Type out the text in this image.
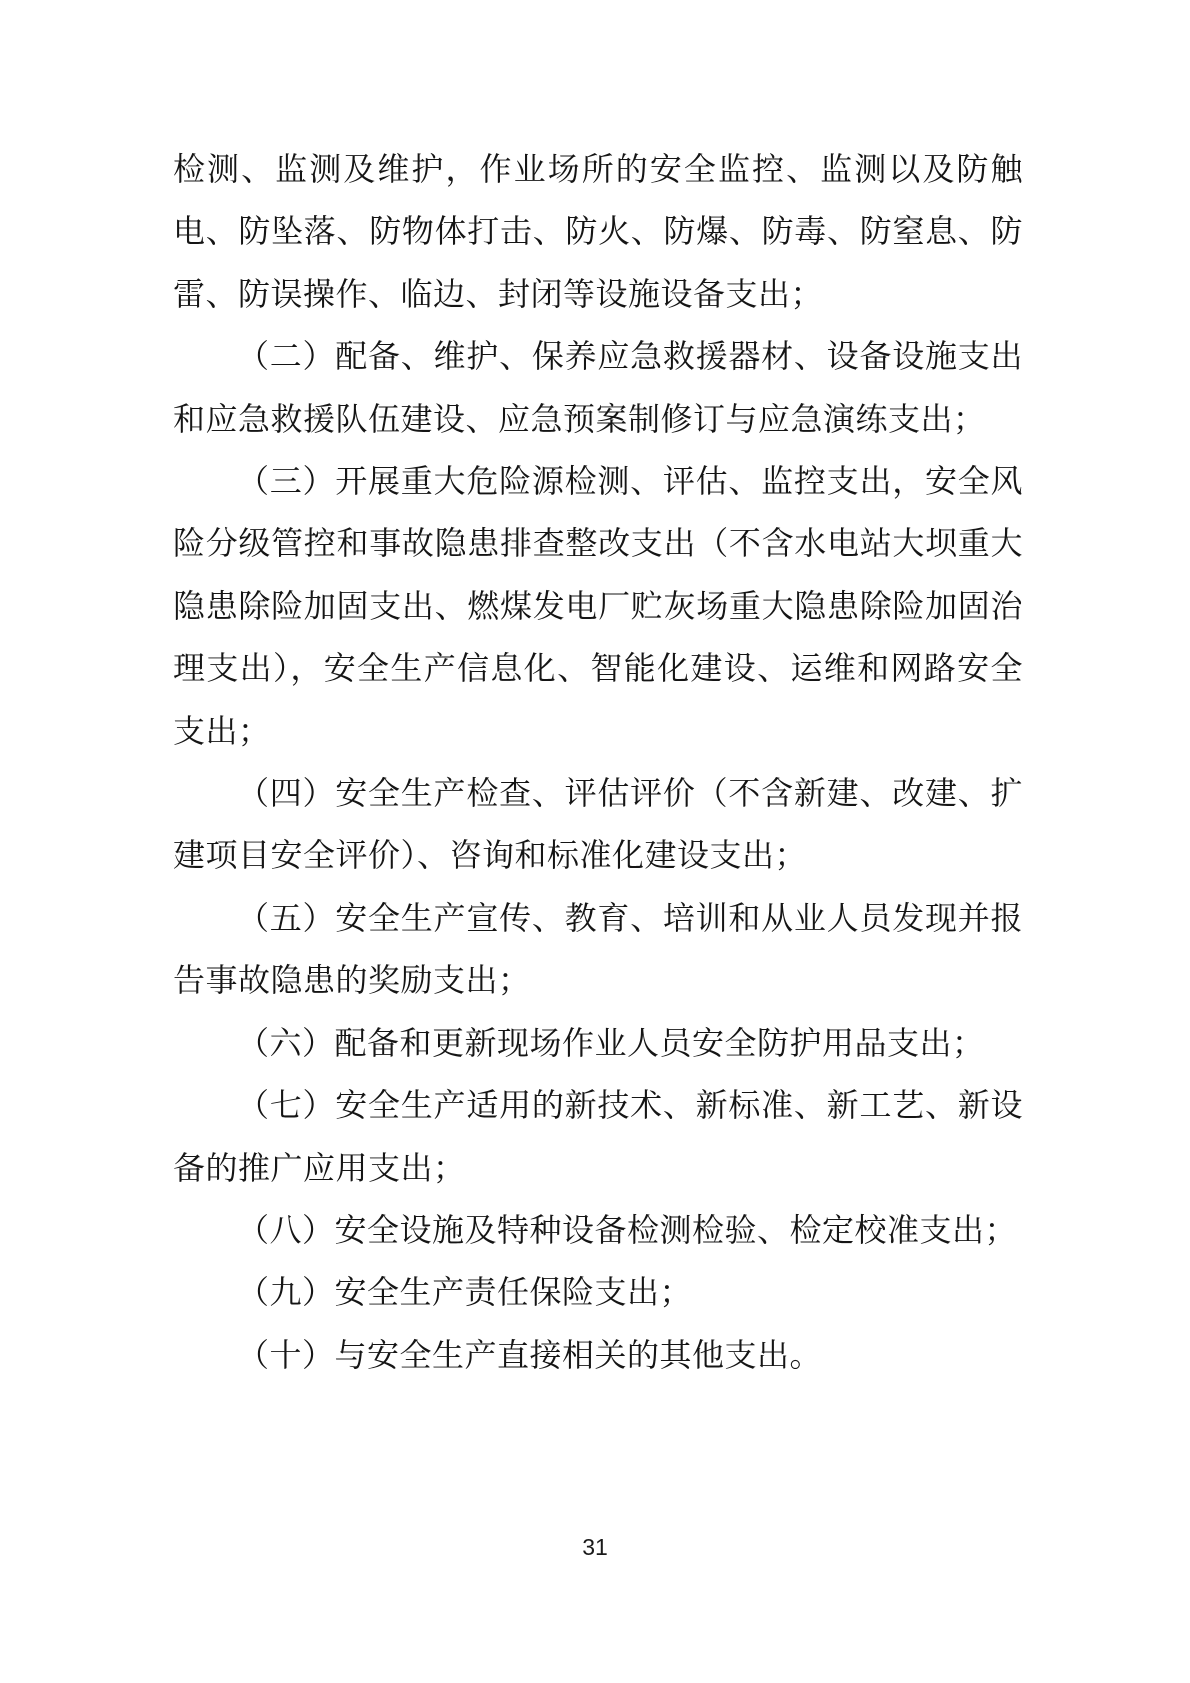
检测、监测及维护，作业场所的安全监控、监测以及防触电、防坠落、防物体打击、防火、防爆、防毒、防窒息、防雷、防误操作、临边、封闭等设施设备支出；

（二）配备、维护、保养应急救援器材、设备设施支出和应急救援队伍建设、应急预案制修订与应急演练支出；

（三）开展重大危险源检测、评估、监控支出，安全风险分级管控和事故隐患排查整改支出（不含水电站大坝重大隐患除险加固支出、燃煤发电厂贮灰场重大隐患除险加固治理支出），安全生产信息化、智能化建设、运维和网路安全支出；

（四）安全生产检查、评估评价（不含新建、改建、扩建项目安全评价）、咨询和标准化建设支出；

（五）安全生产宣传、教育、培训和从业人员发现并报告事故隐患的奖励支出；

（六）配备和更新现场作业人员安全防护用品支出；

（七）安全生产适用的新技术、新标准、新工艺、新设备的推广应用支出；

（八）安全设施及特种设备检测检验、检定校准支出；

（九）安全生产责任保险支出；

（十）与安全生产直接相关的其他支出。

31
